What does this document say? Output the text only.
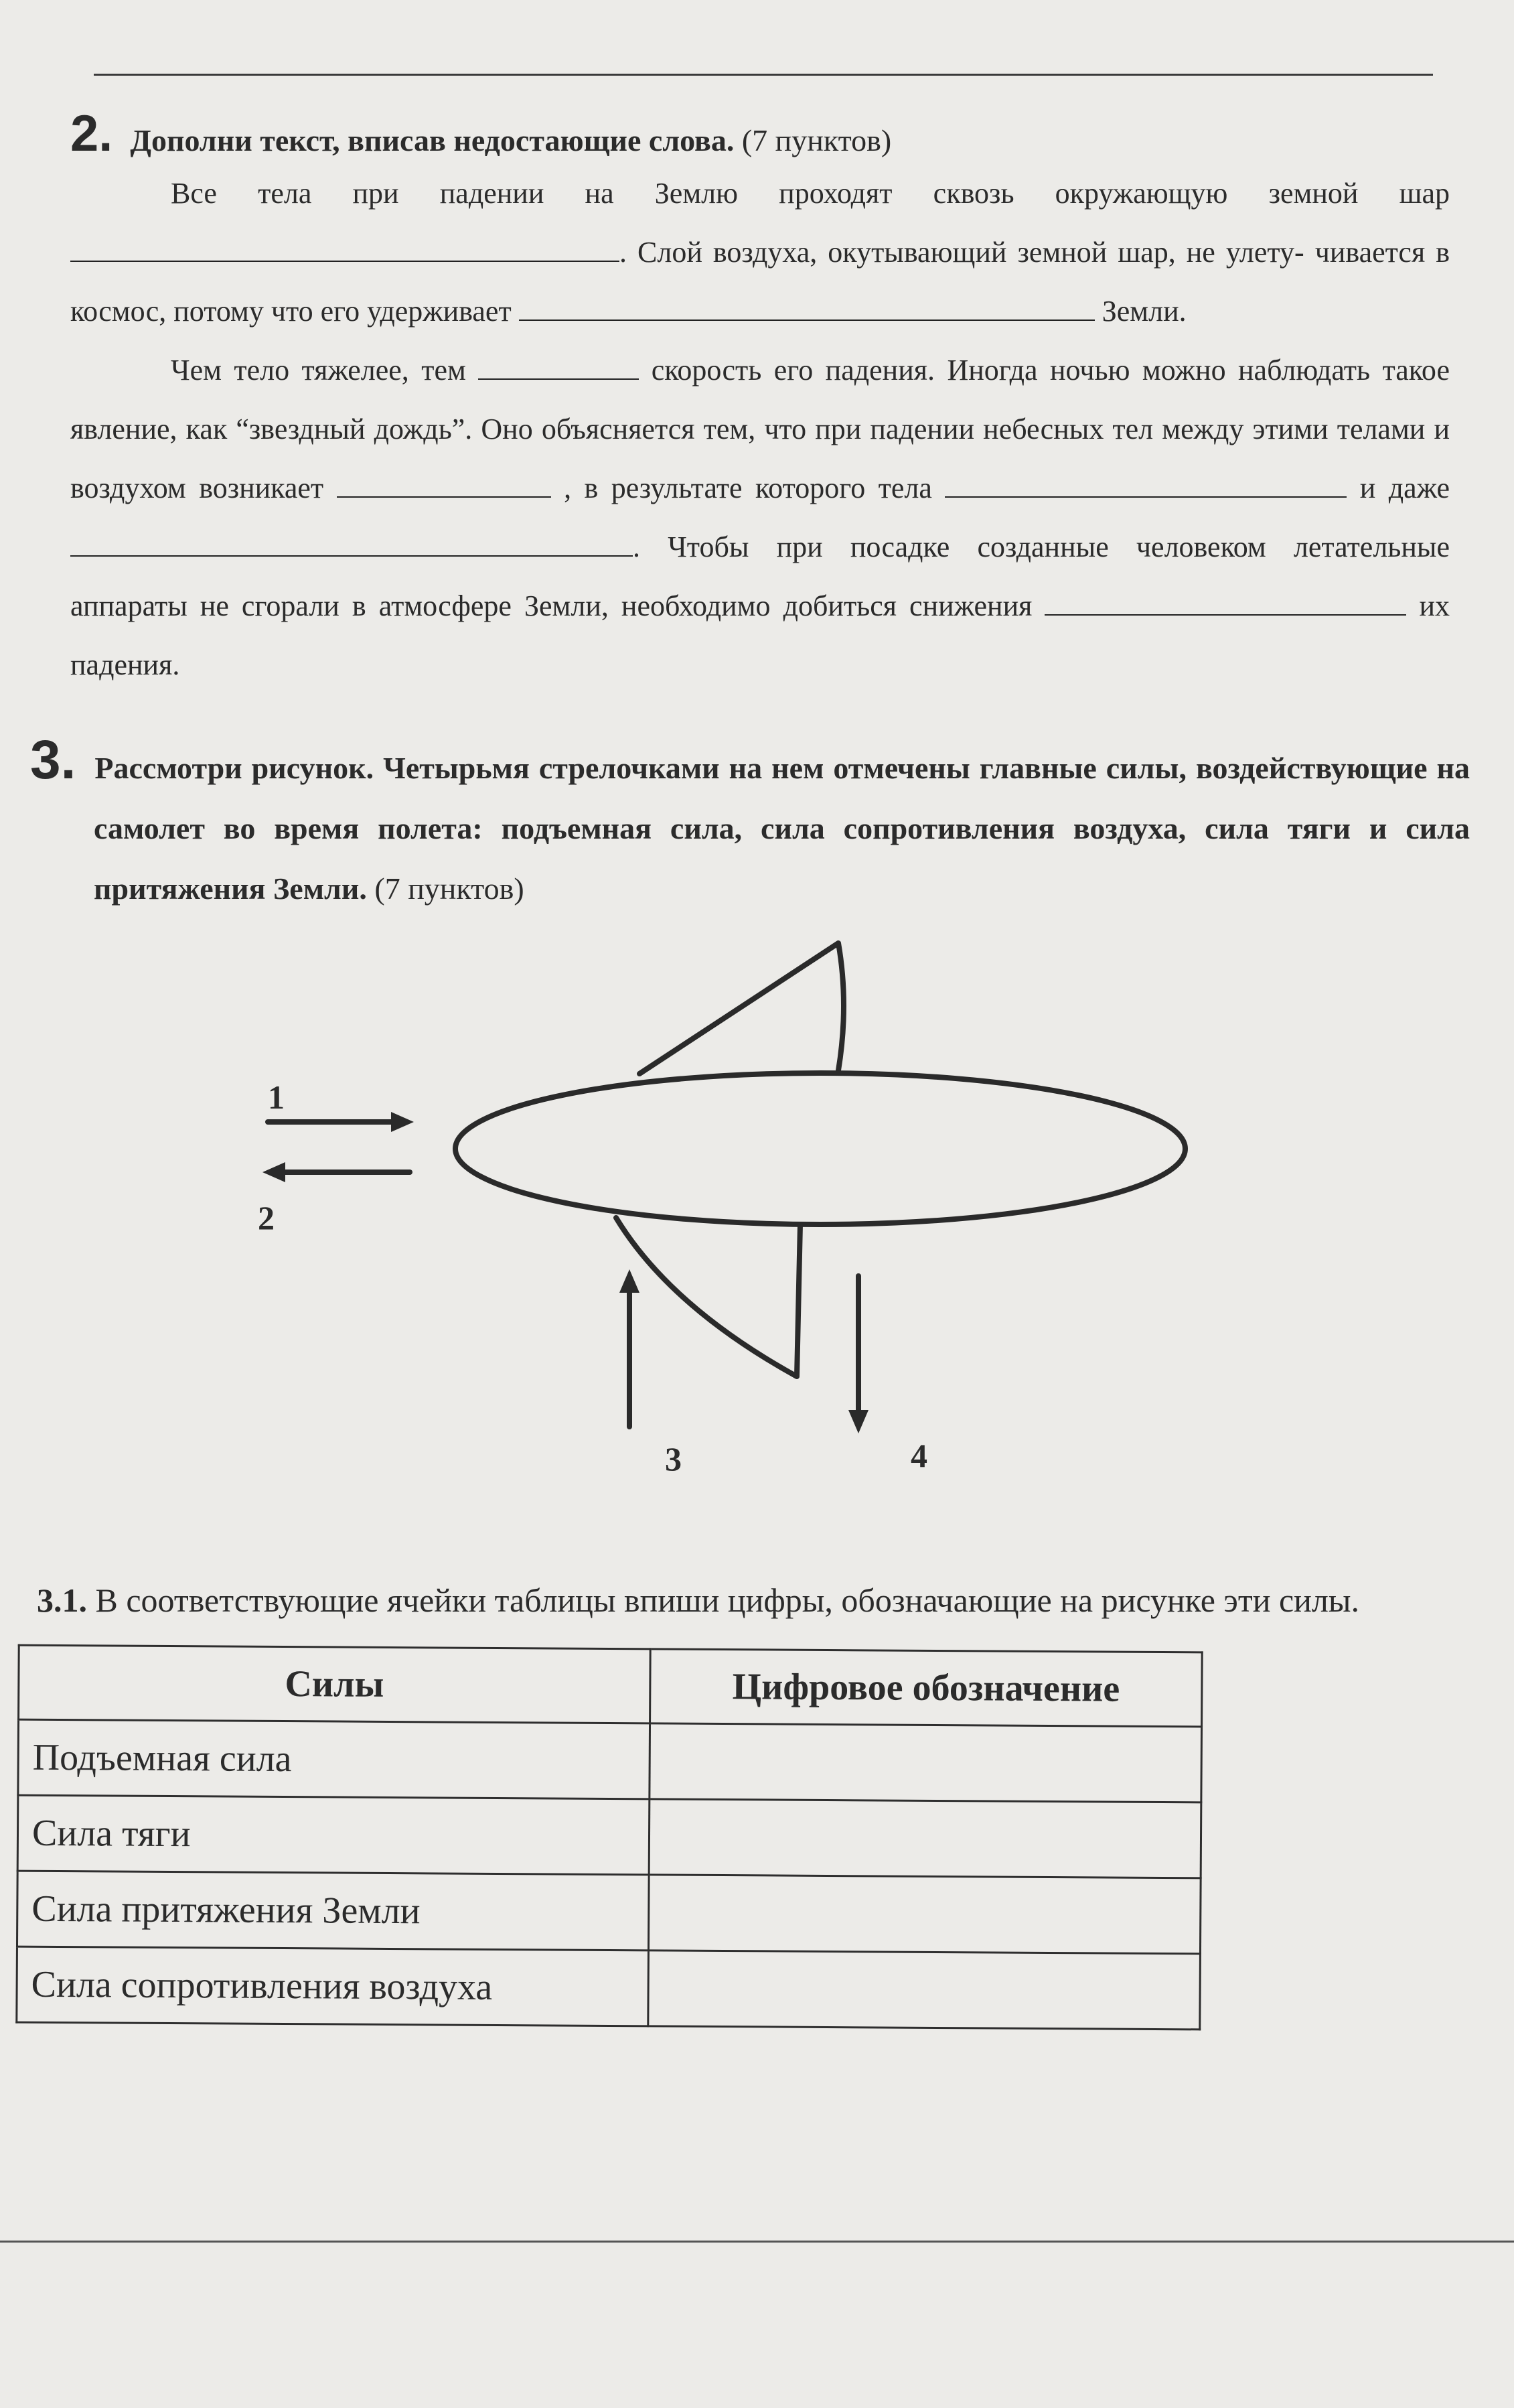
2. Дополни текст, вписав недостающие слова. (7 пунктов)

Все тела при падении на Землю проходят сквозь окружающую земной шар . Слой воздуха, окутывающий земной шар, не улету- чивается в космос, потому что его удерживает	Земли.

Чем тело тяжелее, тем	скорость его падения. Иногда ночью можно наблюдать такое явление, как “звездный дождь”. Оно объясняется тем, что при падении небесных тел между этими телами и воздухом возникает	, в результате которого тела	и даже . Чтобы при посадке созданные человеком летательные аппараты не сгорали в атмосфере Земли, необходимо добиться снижения	их падения.

3. Рассмотри рисунок. Четырьмя стрелочками на нем отмечены главные силы, воздействующие на самолет во время полета: подъемная сила, сила сопротивления воздуха, сила тяги и сила притяжения Земли. (7 пунктов)
1
2
3	4
3.1. В соответствующие ячейки таблицы впиши цифры, обозначающие на рисунке эти силы.
Силы	Цифровое обозначение
Подъемная сила	
Сила тяги	
Сила притяжения Земли	
Сила сопротивления воздуха	
